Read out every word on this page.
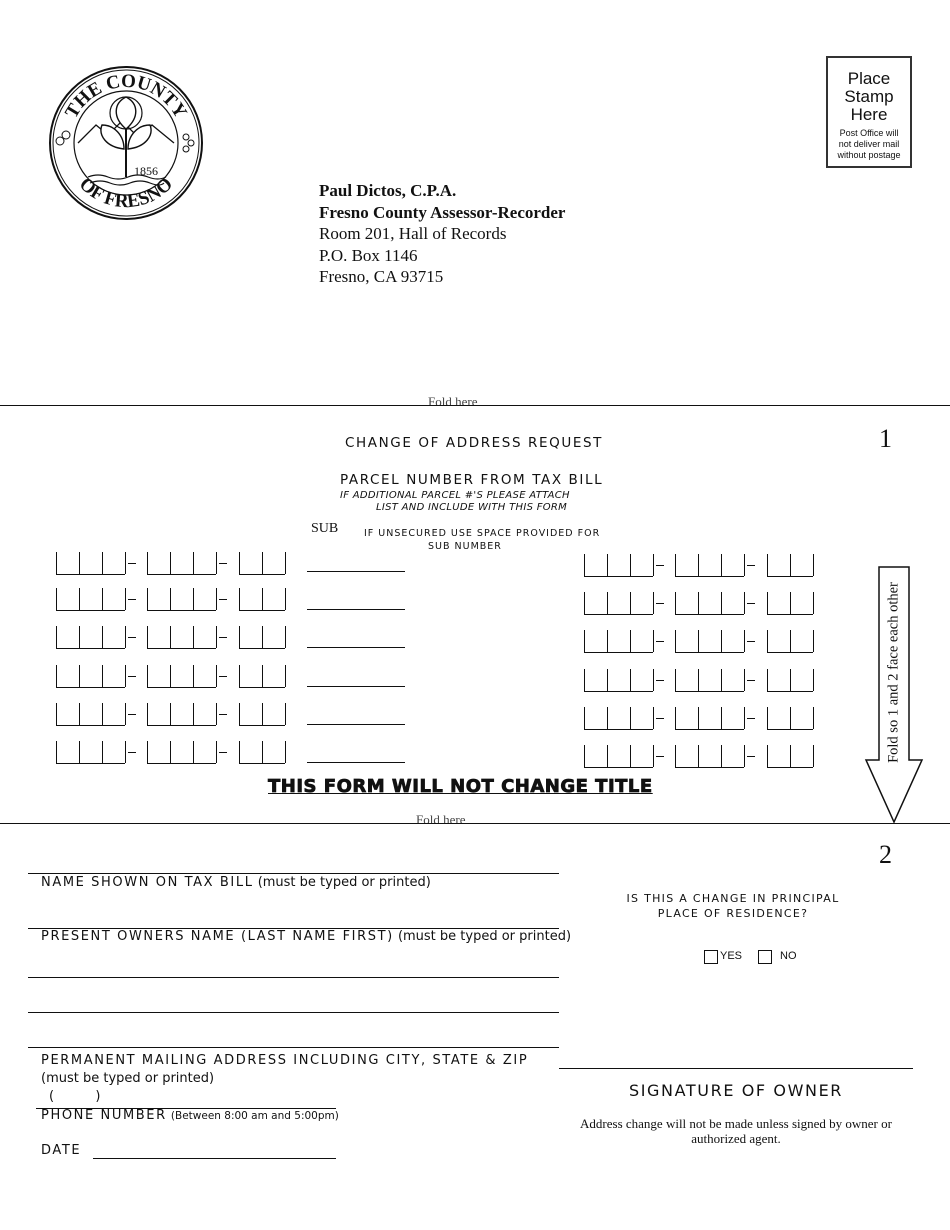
THE COUNTY
OF FRESNO
1856
Place
Stamp
Here
Post Office will
not deliver mail
without postage
Paul Dictos, C.P.A.
Fresno County Assessor-Recorder
Room 201, Hall of Records
P.O. Box 1146
Fresno, CA 93715
Fold here
1
CHANGE OF ADDRESS REQUEST
PARCEL NUMBER FROM TAX BILL
IF ADDITIONAL PARCEL #'S PLEASE ATTACH
LIST AND INCLUDE WITH THIS FORM
SUB	IF UNSECURED USE SPACE PROVIDED FOR
SUB NUMBER
THIS FORM WILL NOT CHANGE TITLE
Fold so 1 and 2 face each other
Fold here
2
NAME SHOWN ON TAX BILL (must be typed or printed)
PRESENT OWNERS NAME (LAST NAME FIRST) (must be typed or printed)
PERMANENT MAILING ADDRESS INCLUDING CITY, STATE & ZIP
(must be typed or printed)
(          )
PHONE NUMBER (Between 8:00 am and 5:00pm)
DATE
IS THIS A CHANGE IN PRINCIPAL
PLACE OF RESIDENCE?
YES	NO
SIGNATURE OF OWNER
Address change will not be made unless signed by owner or
authorized agent.
